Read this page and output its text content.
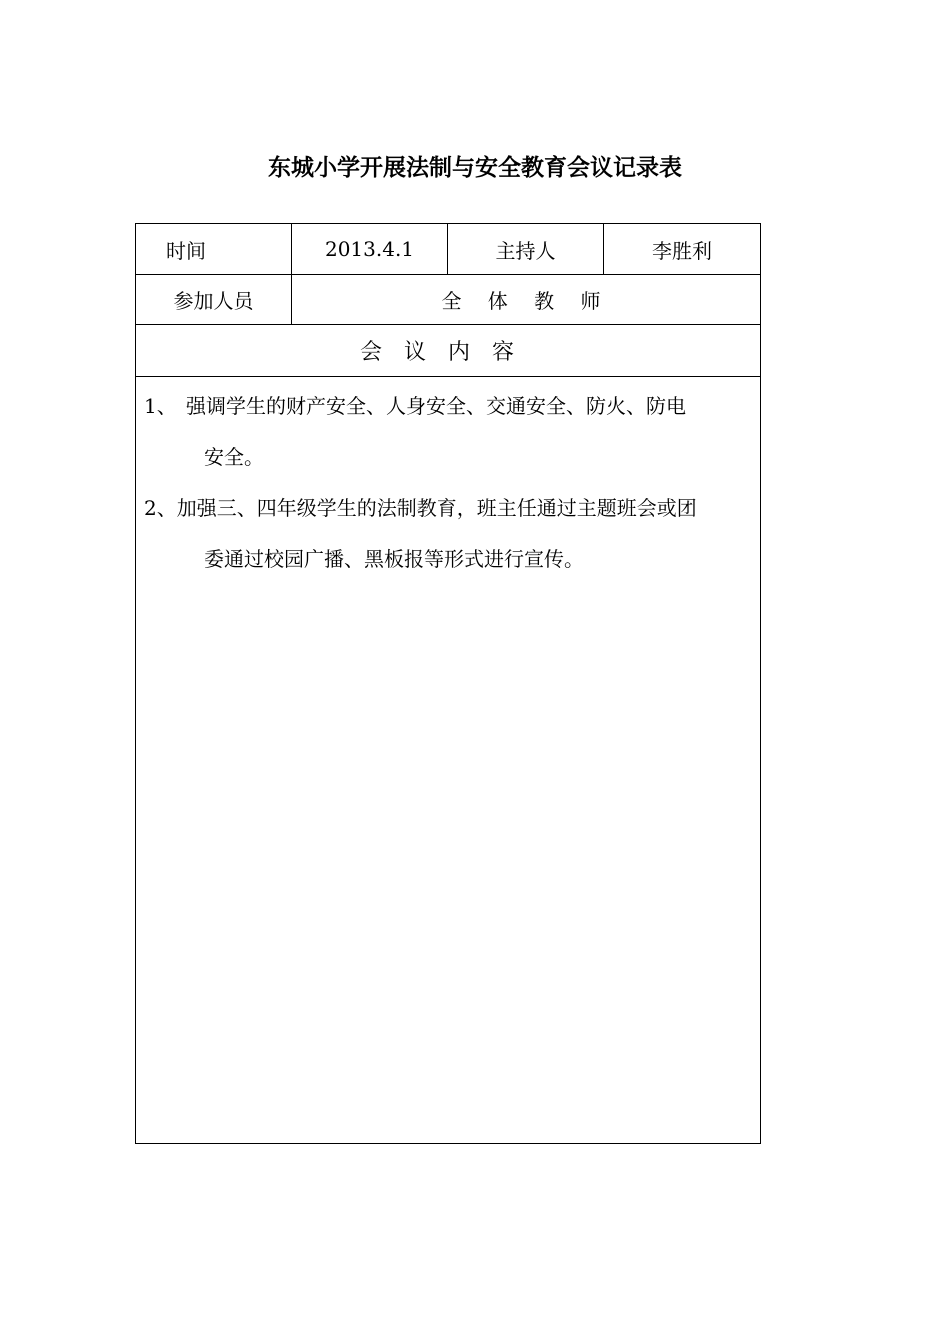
东城小学开展法制与安全教育会议记录表
时间	2013.4.1	主持人	李胜利
参加人员	全 体 教 师		
会议内容			

1、 强调学生的财产安全、人身安全、交通安全、防火、防电
安全。
2、加强三、四年级学生的法制教育，班主任通过主题班会或团
委通过校园广播、黑板报等形式进行宣传。			
